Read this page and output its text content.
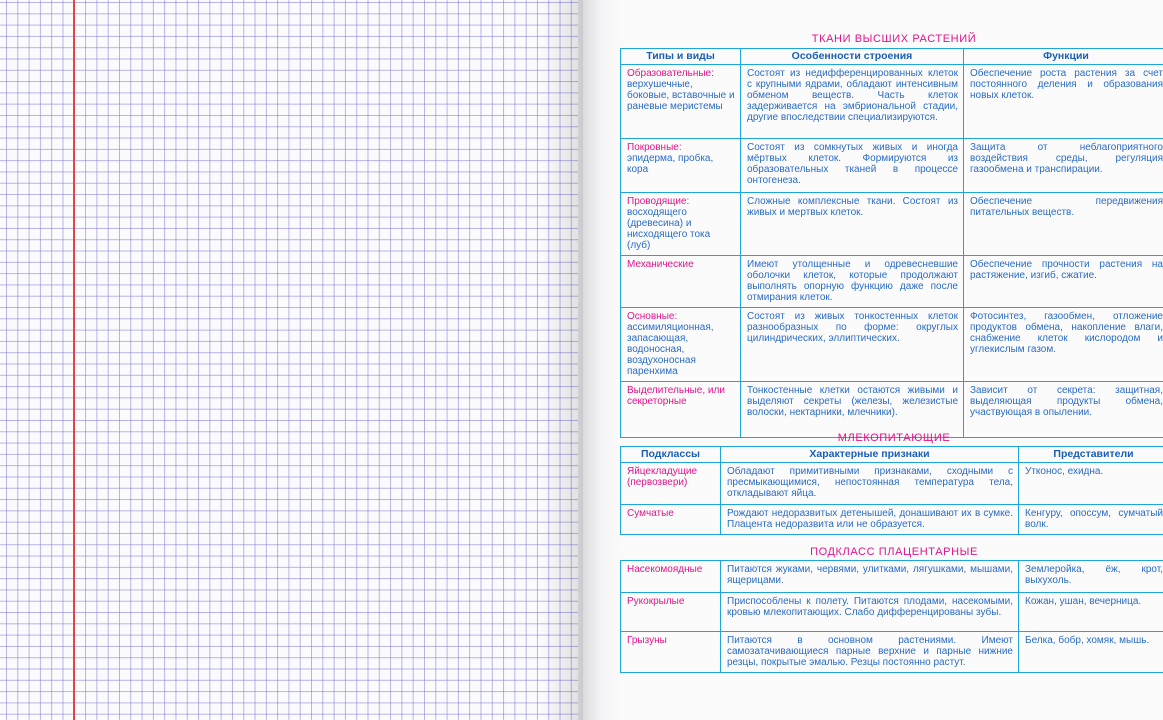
ТКАНИ ВЫСШИХ РАСТЕНИЙ
Типы и виды	Особенности строения	Функции
Образовательные:
верхушечные, боковые, вставочные и раневые меристемы	Состоят из недифференцированных клеток с крупными ядрами, обладают интенсивным обменом веществ. Часть клеток задерживается на эмбриональной стадии, другие впоследствии специализируются.	Обеспечение роста растения за счет постоянного деления и образования новых клеток.
Покровные:
эпидерма, пробка, кора	Состоят из сомкнутых живых и иногда мёртвых клеток. Формируются из образовательных тканей в процессе онтогенеза.	Защита от неблагоприятного воздействия среды, регуляция газообмена и транспирации.
Проводящие:
восходящего (древесина) и нисходящего тока (луб)	Сложные комплексные ткани. Состоят из живых и мертвых клеток.	Обеспечение передвижения питательных веществ.
Механические	Имеют утолщенные и одревесневшие оболочки клеток, которые продолжают выполнять опорную функцию даже после отмирания клеток.	Обеспечение прочности растения на растяжение, изгиб, сжатие.
Основные:
ассимиляционная, запасающая, водоносная, воздухоносная паренхима	Состоят из живых тонкостенных клеток разнообразных по форме: округлых цилиндрических, эллиптических.	Фотосинтез, газообмен, отложение продуктов обмена, накопление влаги, снабжение клеток кислородом и углекислым газом.
Выделительные, или секреторные	Тонкостенные клетки остаются живыми и выделяют секреты (железы, железистые волоски, нектарники, млечники).	Зависит от секрета: защитная, выделяющая продукты обмена, участвующая в опылении.
МЛЕКОПИТАЮЩИЕ
Подклассы	Характерные признаки	Представители
Яйцекладущие (первозвери)	Обладают примитивными признаками, сходными с пресмыкающимися, непостоянная температура тела, откладывают яйца.	Утконос, ехидна.
Сумчатые	Рождают недоразвитых детенышей, донашивают их в сумке. Плацента недоразвита или не образуется.	Кенгуру, опоссум, сумчатый волк.
ПОДКЛАСС ПЛАЦЕНТАРНЫЕ
Насекомоядные	Питаются жуками, червями, улитками, лягушками, мышами, ящерицами.	Землеройка, ёж, крот, выхухоль.
Рукокрылые	Приспособлены к полету. Питаются плодами, насекомыми, кровью млекопитающих. Слабо дифференцированы зубы.	Кожан, ушан, вечерница.
Грызуны	Питаются в основном растениями. Имеют самозатачивающиеся парные верхние и парные нижние резцы, покрытые эмалью. Резцы постоянно растут.	Белка, бобр, хомяк, мышь.
